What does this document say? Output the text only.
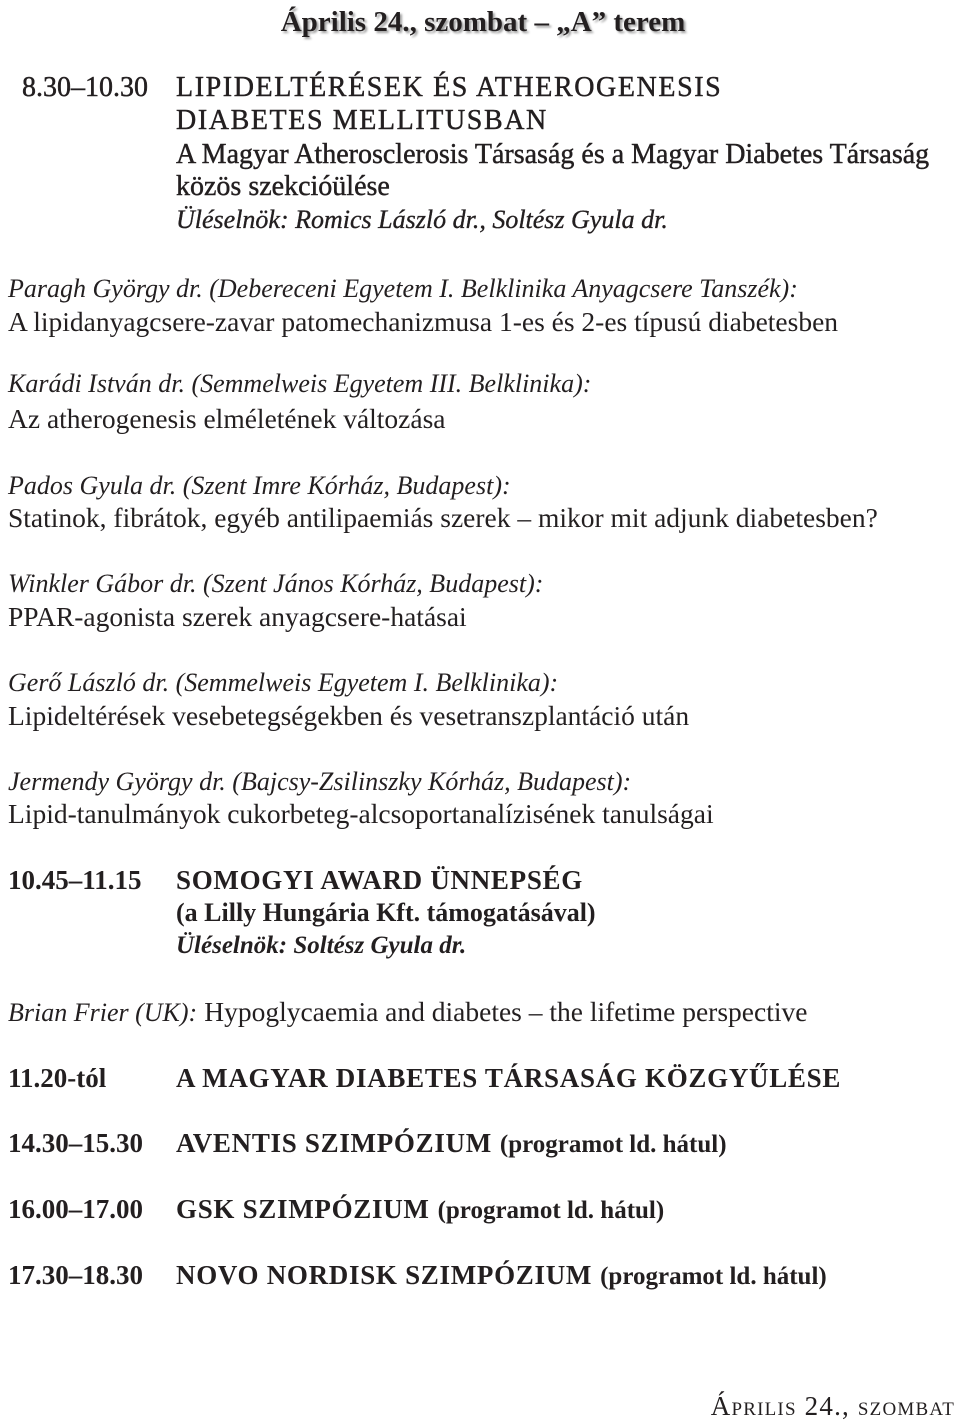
Április 24., szombat – „A” terem
8.30–10.30 LIPIDELTÉRÉSEK ÉS ATHEROGENESIS
DIABETES MELLITUSBAN
A Magyar Atherosclerosis Társaság és a Magyar Diabetes Társaság
közös szekcióülése
Üléselnök: Romics László dr., Soltész Gyula dr.
Paragh György dr. (Debereceni Egyetem I. Belklinika Anyagcsere Tanszék):
A lipidanyagcsere-zavar patomechanizmusa 1-es és 2-es típusú diabetesben
Karádi István dr. (Semmelweis Egyetem III. Belklinika):
Az atherogenesis elméletének változása
Pados Gyula dr. (Szent Imre Kórház, Budapest):
Statinok, fibrátok, egyéb antilipaemiás szerek – mikor mit adjunk diabetesben?
Winkler Gábor dr. (Szent János Kórház, Budapest):
PPAR-agonista szerek anyagcsere-hatásai
Gerő László dr. (Semmelweis Egyetem I. Belklinika):
Lipideltérések vesebetegségekben és vesetranszplantáció után
Jermendy György dr. (Bajcsy-Zsilinszky Kórház, Budapest):
Lipid-tanulmányok cukorbeteg-alcsoportanalízisének tanulságai
10.45–11.15 SOMOGYI AWARD ÜNNEPSÉG
(a Lilly Hungária Kft. támogatásával)
Üléselnök: Soltész Gyula dr.
Brian Frier (UK): Hypoglycaemia and diabetes – the lifetime perspective
11.20-tól	A MAGYAR DIABETES TÁRSASÁG KÖZGYŰLÉSE
14.30–15.30 AVENTIS SZIMPÓZIUM (programot ld. hátul)
16.00–17.00 GSK SZIMPÓZIUM (programot ld. hátul)
17.30–18.30 NOVO NORDISK SZIMPÓZIUM (programot ld. hátul)
Április 24., szombat
